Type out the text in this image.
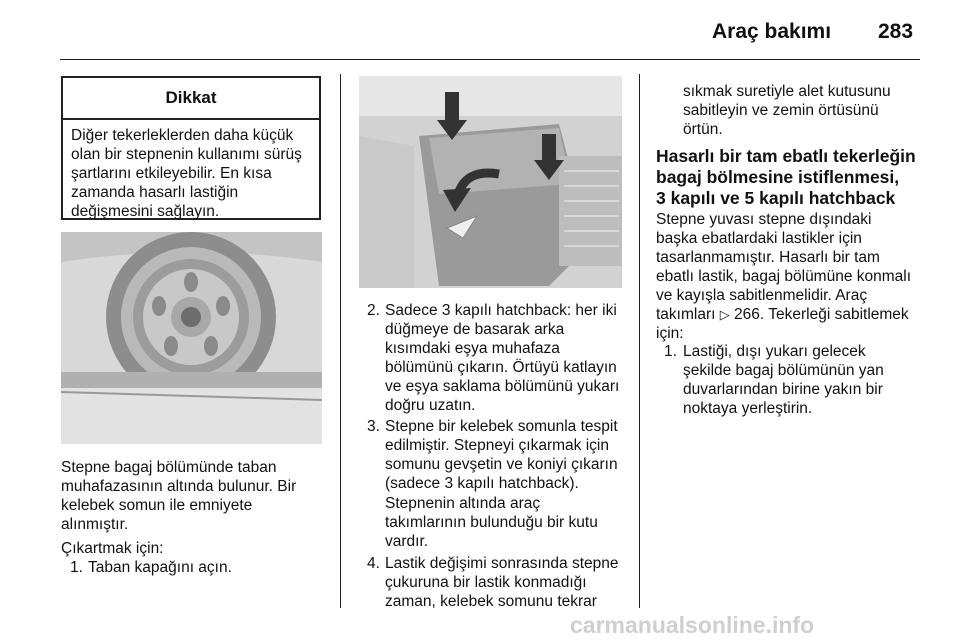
Araç bakımı 283
Dikkat
Diğer tekerleklerden daha küçük
olan bir stepnenin kullanımı sürüş
şartlarını etkileyebilir. En kısa
zamanda hasarlı lastiğin
değişmesini sağlayın.
Stepne bagaj bölümünde taban
muhafazasının altında bulunur. Bir
kelebek somun ile emniyete
alınmıştır.
Çıkartmak için:
1. Taban kapağını açın.
2. Sadece 3 kapılı hatchback: her iki
düğmeye de basarak arka
kısımdaki eşya muhafaza
bölümünü çıkarın. Örtüyü katlayın
ve eşya saklama bölümünü yukarı
doğru uzatın.
3. Stepne bir kelebek somunla tespit
edilmiştir. Stepneyi çıkarmak için
somunu gevşetin ve koniyi çıkarın
(sadece 3 kapılı hatchback).
Stepnenin altında araç
takımlarının bulunduğu bir kutu
vardır.
4. Lastik değişimi sonrasında stepne
çukuruna bir lastik konmadığı
zaman, kelebek somunu tekrar
sıkmak suretiyle alet kutusunu
sabitleyin ve zemin örtüsünü
örtün.
Hasarlı bir tam ebatlı tekerleğin
bagaj bölmesine istiflenmesi,
3 kapılı ve 5 kapılı hatchback
Stepne yuvası stepne dışındaki
başka ebatlardaki lastikler için
tasarlanmamıştır. Hasarlı bir tam
ebatlı lastik, bagaj bölümüne konmalı
ve kayışla sabitlenmelidir. Araç
takımları ▷ 266. Tekerleği sabitlemek
için:
1. Lastiği, dışı yukarı gelecek
şekilde bagaj bölümünün yan
duvarlarından birine yakın bir
noktaya yerleştirin.
carmanualsonline.info
